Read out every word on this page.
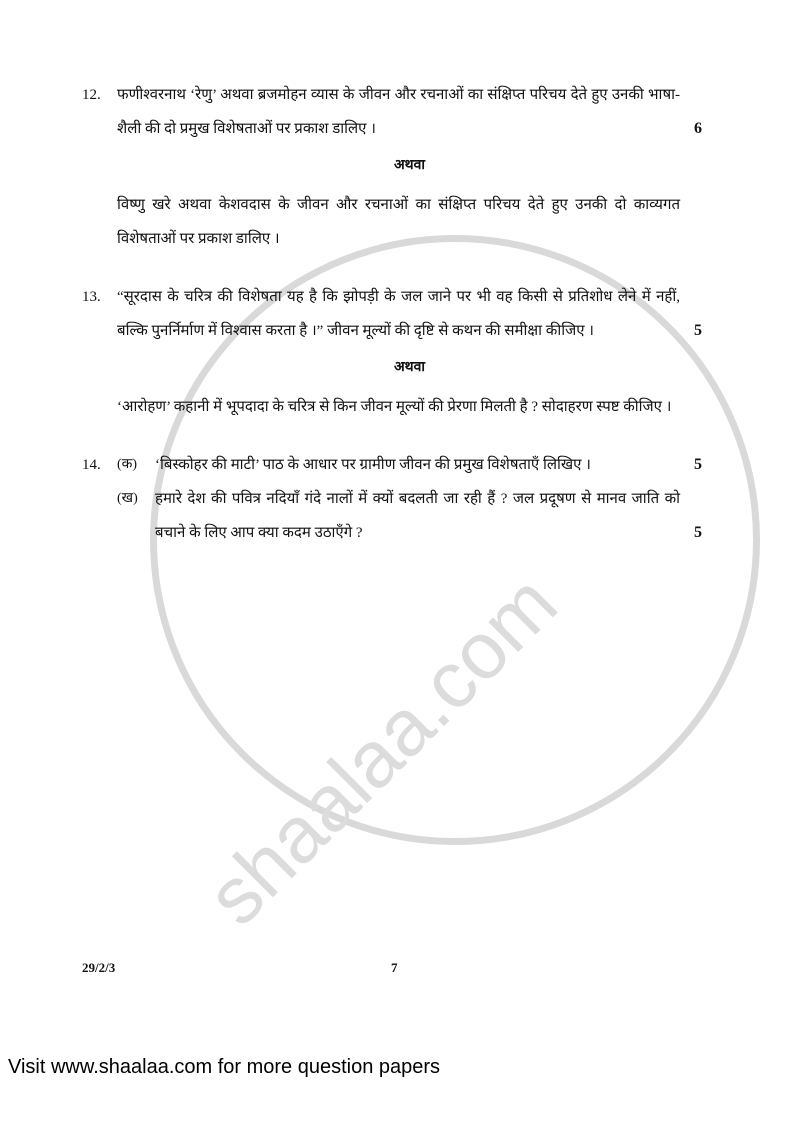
12.	फणीश्वरनाथ ‘रेणु’ अथवा ब्रजमोहन व्यास के जीवन और रचनाओं का संक्षिप्त परिचय देते हुए उनकी भाषा-शैली की दो प्रमुख विशेषताओं पर प्रकाश डालिए ।	6
अथवा
विष्णु खरे अथवा केशवदास के जीवन और रचनाओं का संक्षिप्त परिचय देते हुए उनकी दो काव्यगत विशेषताओं पर प्रकाश डालिए ।
13.	“सूरदास के चरित्र की विशेषता यह है कि झोपड़ी के जल जाने पर भी वह किसी से प्रतिशोध लेने में नहीं, बल्कि पुनर्निर्माण में विश्वास करता है ।” जीवन मूल्यों की दृष्टि से कथन की समीक्षा कीजिए ।	5
अथवा
‘आरोहण’ कहानी में भूपदादा के चरित्र से किन जीवन मूल्यों की प्रेरणा मिलती है ? सोदाहरण स्पष्ट कीजिए ।
14.	(क)	‘बिस्कोहर की माटी’ पाठ के आधार पर ग्रामीण जीवन की प्रमुख विशेषताएँ लिखिए ।	5
(ख)	हमारे देश की पवित्र नदियाँ गंदे नालों में क्यों बदलती जा रही हैं ? जल प्रदूषण से मानव जाति को बचाने के लिए आप क्या कदम उठाएँगे ?	5
shaalaa.com
29/2/3	7
Visit www.shaalaa.com for more question papers
